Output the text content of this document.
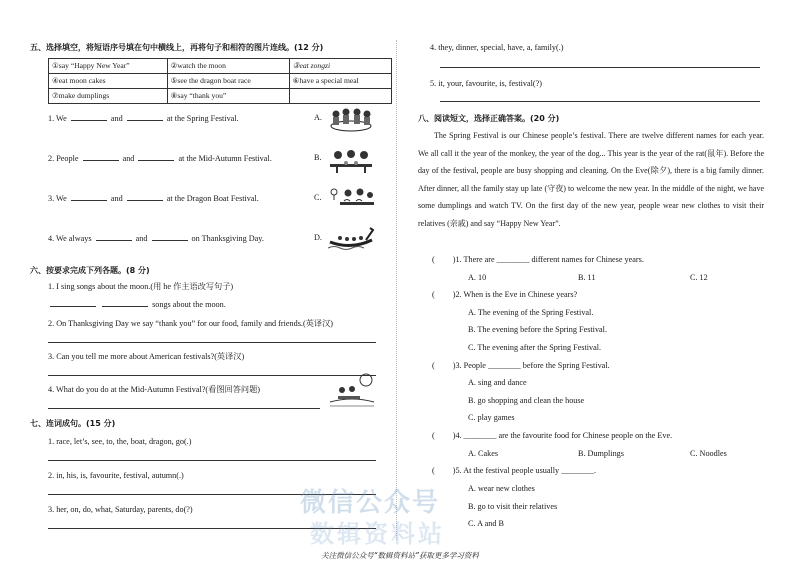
五、选择填空，将短语序号填在句中横线上，再将句子和相符的图片连线。(12 分)
①say “Happy New Year”	②watch the moon	③eat zongzi
④eat moon cakes	⑤see the dragon boat race	⑥have a special meal
⑦make dumplings	⑧say “thank you”	
1. We	and	at the Spring Festival.	A.
2. People	and	at the Mid-Autumn Festival.	B.
3. We	and	at the Dragon Boat Festival.	C.
4. We always	and	on Thanksgiving Day.	D.
六、按要求完成下列各题。(8 分)
1. I sing songs about the moon.(用 he 作主语改写句子)
songs about the moon.
2. On Thanksgiving Day we say “thank you” for our food, family and friends.(英译汉)
3. Can you tell me more about American festivals?(英译汉)
4. What do you do at the Mid-Autumn Festival?(看图回答问题)
七、连词成句。(15 分)
1. race, let’s, see, to, the, boat, dragon, go(.)
2. in, his, is, favourite, festival, autumn(.)
3. her, on, do, what, Saturday, parents, do(?)
4. they, dinner, special, have, a, family(.)
5. it, your, favourite, is, festival(?)
八、阅读短文，选择正确答案。(20 分)

The Spring Festival is our Chinese people’s festival. There are twelve different names for each year. We all call it the year of the monkey, the year of the dog... This year is the year of the rat(鼠年). Before the day of the festival, people are busy shopping and cleaning. On the Eve(除夕), there is a big family dinner. After dinner, all the family stay up late (守夜) to welcome the new year. In the middle of the night, we have some dumplings and watch TV. On the first day of the new year, people wear new clothes to visit their relatives (亲戚) and say “Happy New Year”.

( )1. There are ________ different names for Chinese years.
A. 10	B. 11	C. 12
( )2. When is the Eve in Chinese years?
A. The evening of the Spring Festival.
B. The evening before the Spring Festival.
C. The evening after the Spring Festival.
( )3. People ________ before the Spring Festival.
A. sing and dance
B. go shopping and clean the house
C. play games
( )4. ________ are the favourite food for Chinese people on the Eve.
A. Cakes	B. Dumplings	C. Noodles
( )5. At the festival people usually ________.
A. wear new clothes
B. go to visit their relatives
C. A and B
微信公众号
数辑资料站
关注微信公众号“数辑资料站”获取更多学习资料
